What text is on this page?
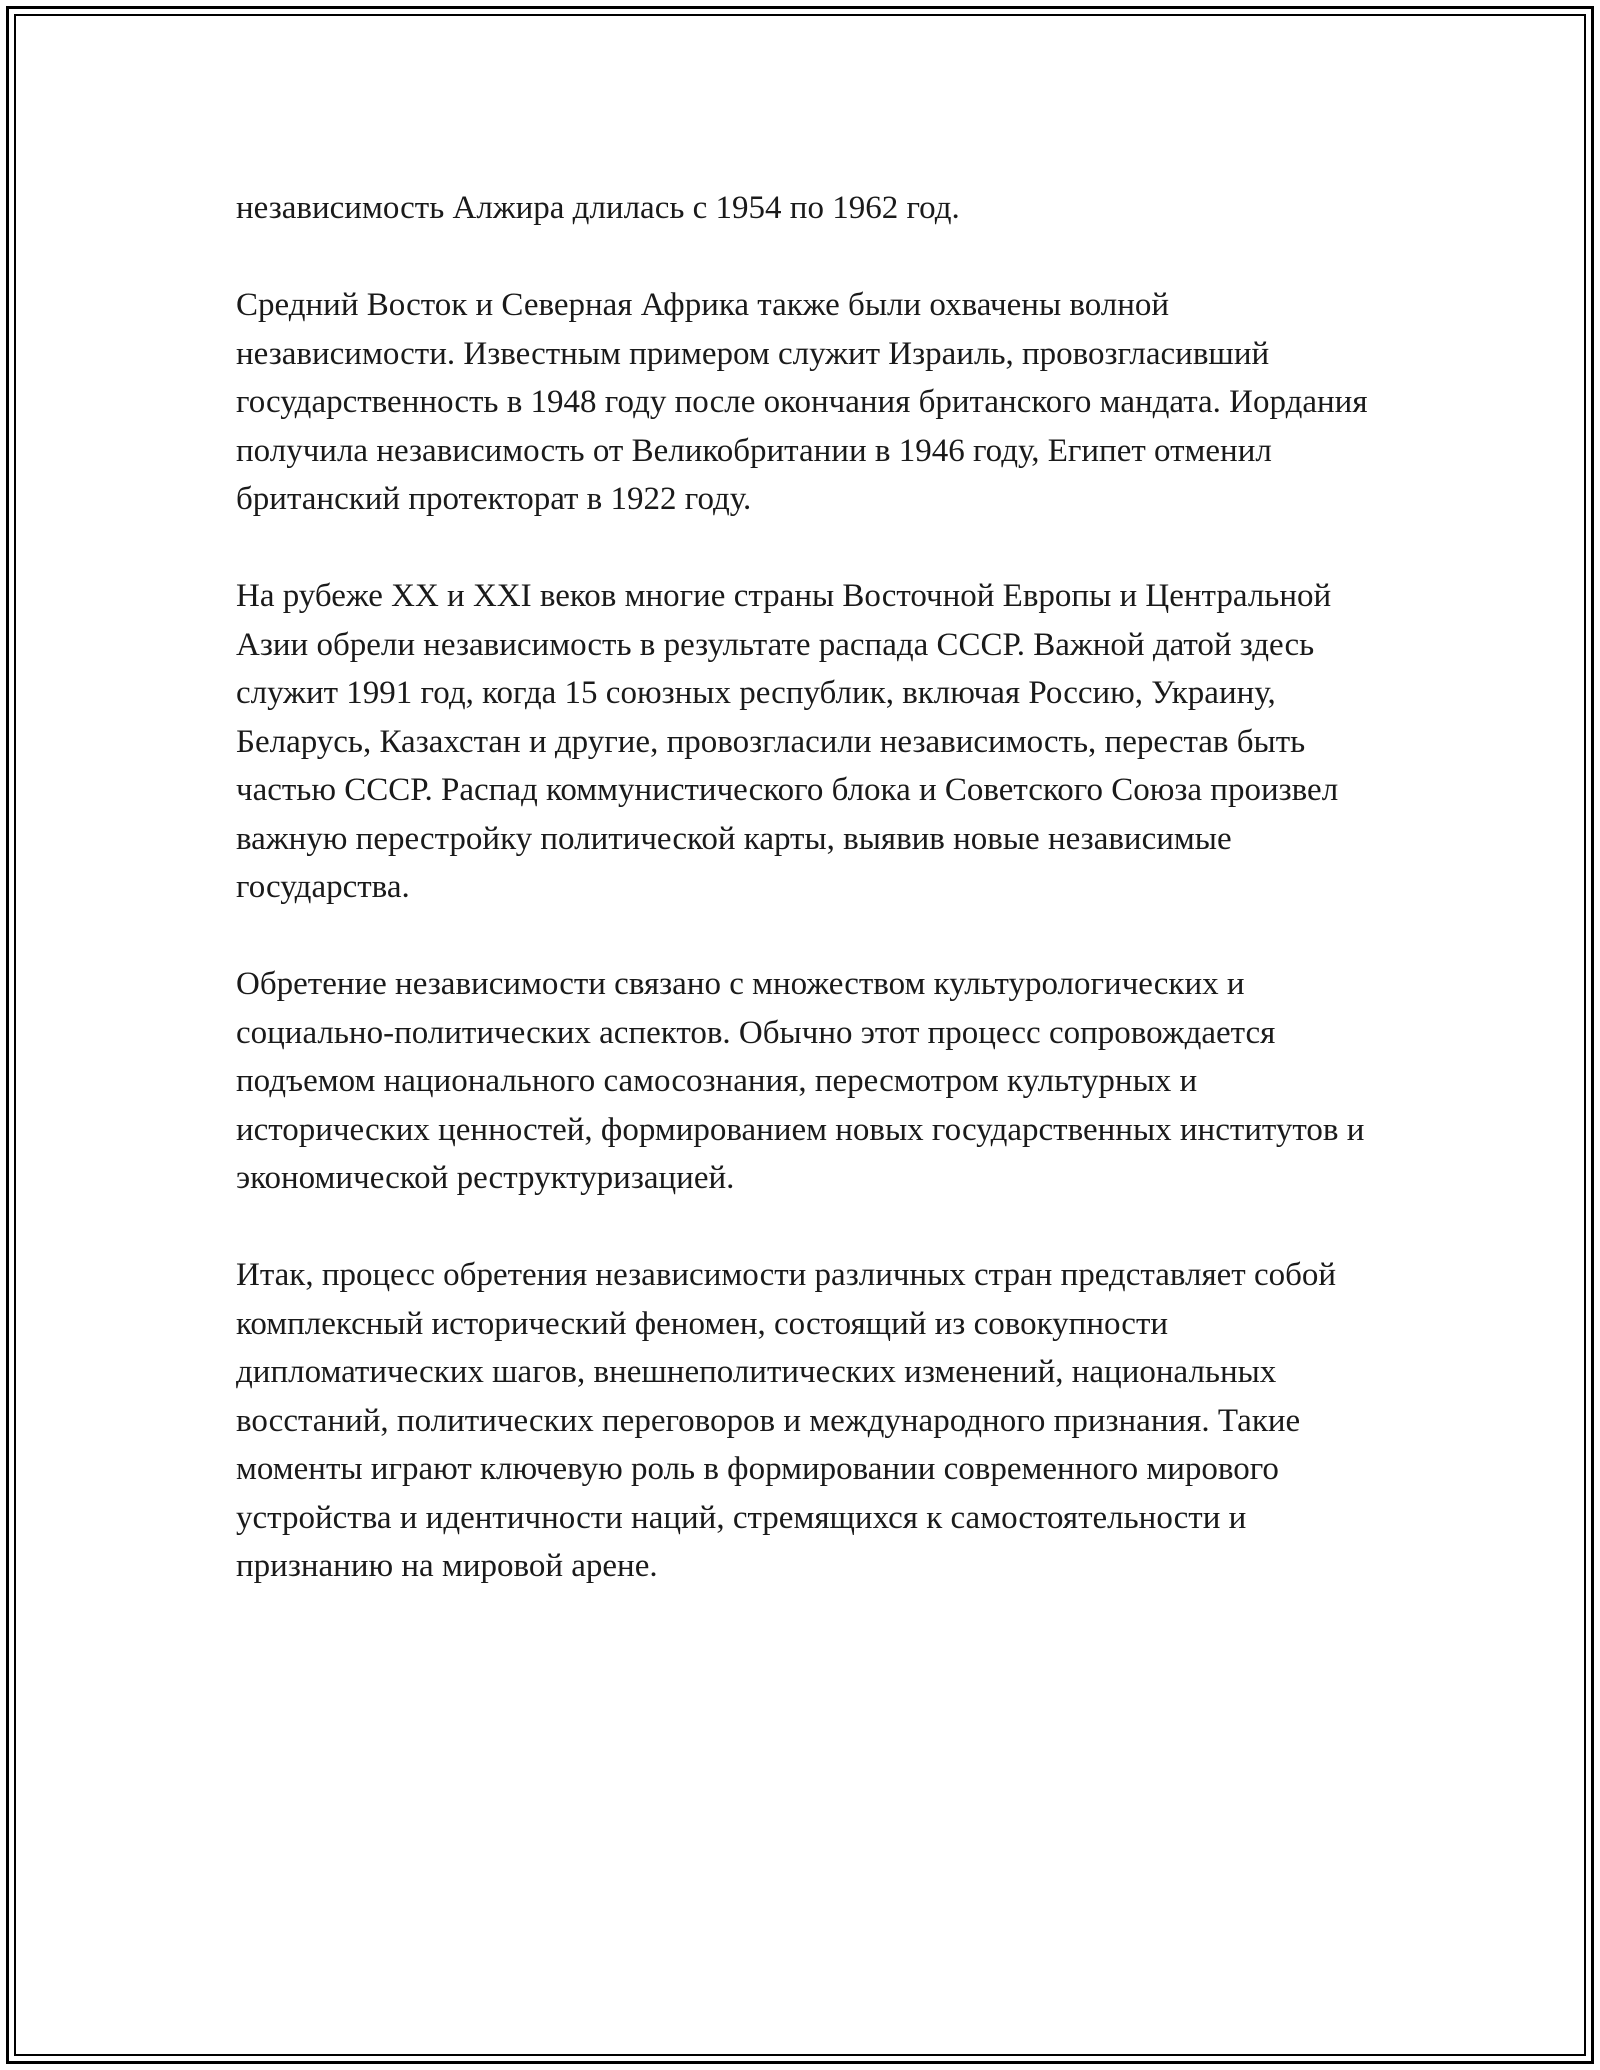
независимость Алжира длилась с 1954 по 1962 год.

Средний Восток и Северная Африка также были охвачены волной независимости. Известным примером служит Израиль, провозгласивший государственность в 1948 году после окончания британского мандата. Иордания получила независимость от Великобритании в 1946 году, Египет отменил британский протекторат в 1922 году.

На рубеже XX и XXI веков многие страны Восточной Европы и Центральной Азии обрели независимость в результате распада СССР. Важной датой здесь служит 1991 год, когда 15 союзных республик, включая Россию, Украину, Беларусь, Казахстан и другие, провозгласили независимость, перестав быть частью СССР. Распад коммунистического блока и Советского Союза произвел важную перестройку политической карты, выявив новые независимые государства.

Обретение независимости связано с множеством культурологических и социально-политических аспектов. Обычно этот процесс сопровождается подъемом национального самосознания, пересмотром культурных и исторических ценностей, формированием новых государственных институтов и экономической реструктуризацией.

Итак, процесс обретения независимости различных стран представляет собой комплексный исторический феномен, состоящий из совокупности дипломатических шагов, внешнеполитических изменений, национальных восстаний, политических переговоров и международного признания. Такие моменты играют ключевую роль в формировании современного мирового устройства и идентичности наций, стремящихся к самостоятельности и признанию на мировой арене.
